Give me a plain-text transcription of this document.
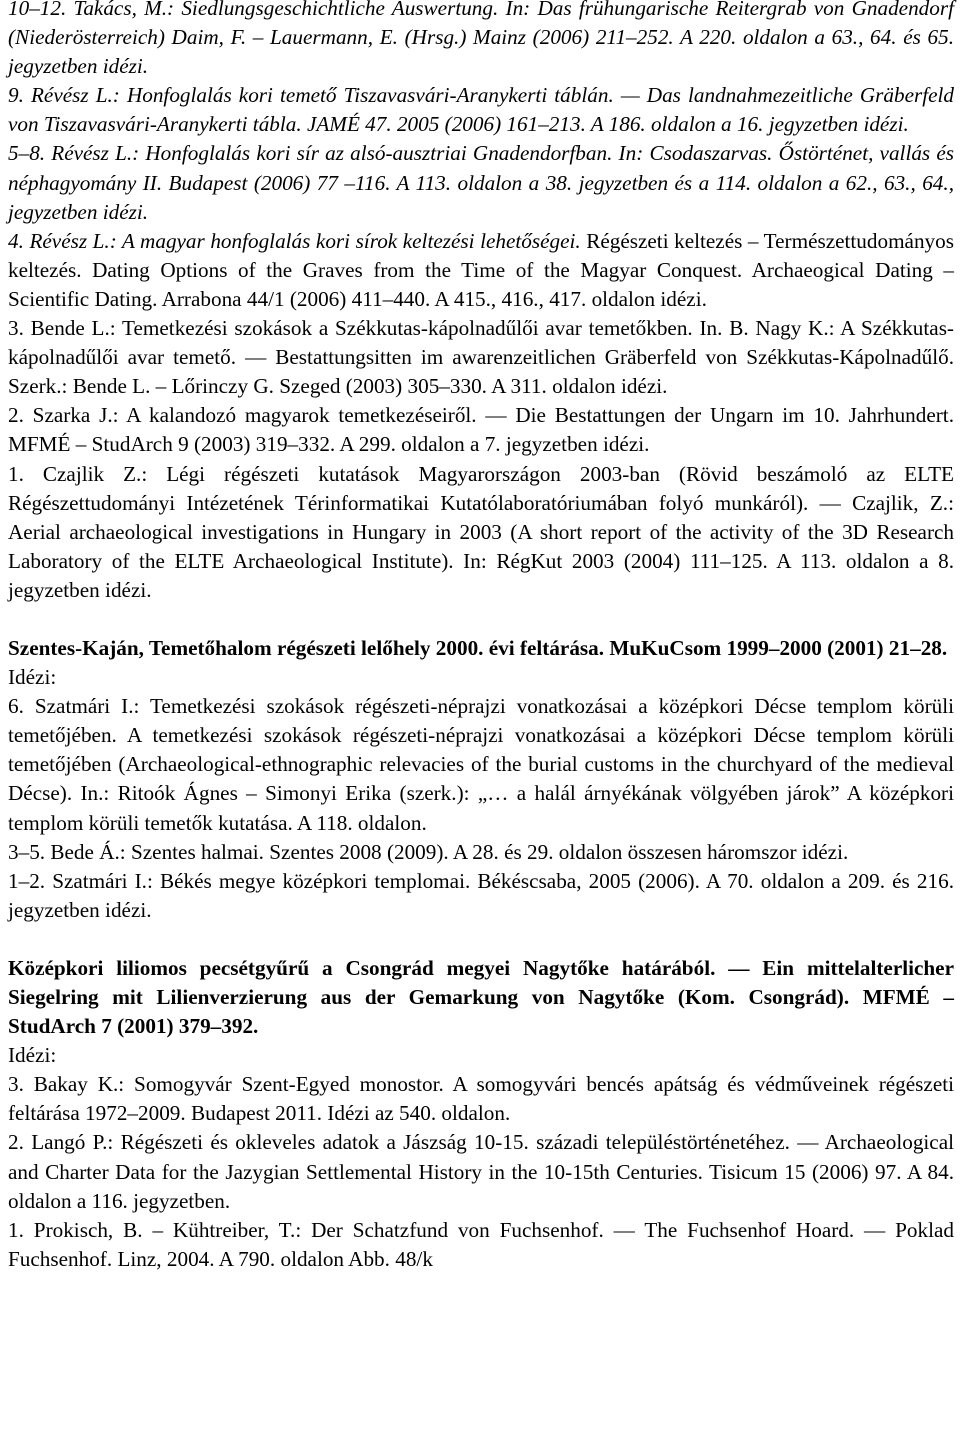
10–12. Takács, M.: Siedlungsgeschichtliche Auswertung. In: Das frühungarische Reitergrab von Gnadendorf (Niederösterreich) Daim, F. – Lauermann, E. (Hrsg.) Mainz (2006) 211–252. A 220. oldalon a 63., 64. és 65. jegyzetben idézi.

9. Révész L.: Honfoglalás kori temető Tiszavasvári-Aranykerti táblán. — Das landnahmezeitliche Gräberfeld von Tiszavasvári-Aranykerti tábla. JAMÉ 47. 2005 (2006) 161–213. A 186. oldalon a 16. jegyzetben idézi.

5–8. Révész L.: Honfoglalás kori sír az alsó-ausztriai Gnadendorfban. In: Csodaszarvas. Őstörténet, vallás és néphagyomány II. Budapest (2006) 77 –116. A 113. oldalon a 38. jegyzetben és a 114. oldalon a 62., 63., 64., jegyzetben idézi.

4. Révész L.: A magyar honfoglalás kori sírok keltezési lehetőségei. Régészeti keltezés – Természettudományos keltezés. Dating Options of the Graves from the Time of the Magyar Conquest. Archaeogical Dating – Scientific Dating. Arrabona 44/1 (2006) 411–440. A 415., 416., 417. oldalon idézi.

3. Bende L.: Temetkezési szokások a Székkutas-kápolnadűlői avar temetőkben. In. B. Nagy K.: A Székkutas-kápolnadűlői avar temető. — Bestattungsitten im awarenzeitlichen Gräberfeld von Székkutas-Kápolnadűlő. Szerk.: Bende L. – Lőrinczy G. Szeged (2003) 305–330. A 311. oldalon idézi.

2. Szarka J.: A kalandozó magyarok temetkezéseiről. — Die Bestattungen der Ungarn im 10. Jahrhundert. MFMÉ – StudArch 9 (2003) 319–332. A 299. oldalon a 7. jegyzetben idézi.

1. Czajlik Z.: Légi régészeti kutatások Magyarországon 2003-ban (Rövid beszámoló az ELTE Régészettudományi Intézetének Térinformatikai Kutatólaboratóriumában folyó munkáról). — Czajlik, Z.: Aerial archaeological investigations in Hungary in 2003 (A short report of the activity of the 3D Research Laboratory of the ELTE Archaeological Institute). In: RégKut 2003 (2004) 111–125. A 113. oldalon a 8. jegyzetben idézi.

Szentes-Kaján, Temetőhalom régészeti lelőhely 2000. évi feltárása. MuKuCsom 1999–2000 (2001) 21–28.

Idézi:

6. Szatmári I.: Temetkezési szokások régészeti-néprajzi vonatkozásai a középkori Décse templom körüli temetőjében. A temetkezési szokások régészeti-néprajzi vonatkozásai a középkori Décse templom körüli temetőjében (Archaeological-ethnographic relevacies of the burial customs in the churchyard of the medieval Décse). In.: Ritoók Ágnes – Simonyi Erika (szerk.): „… a halál árnyékának völgyében járok” A középkori templom körüli temetők kutatása. A 118. oldalon.

3–5. Bede Á.: Szentes halmai. Szentes 2008 (2009). A 28. és 29. oldalon összesen háromszor idézi.

1–2. Szatmári I.: Békés megye középkori templomai. Békéscsaba, 2005 (2006). A 70. oldalon a 209. és 216. jegyzetben idézi.

Középkori liliomos pecsétgyűrű a Csongrád megyei Nagytőke határából. — Ein mittelalterlicher Siegelring mit Lilienverzierung aus der Gemarkung von Nagytőke (Kom. Csongrád). MFMÉ – StudArch 7 (2001) 379–392.

Idézi:

3. Bakay K.: Somogyvár Szent-Egyed monostor. A somogyvári bencés apátság és védműveinek régészeti feltárása 1972–2009. Budapest 2011. Idézi az 540. oldalon.

2. Langó P.: Régészeti és okleveles adatok a Jászság 10-15. századi településtörténetéhez. — Archaeological and Charter Data for the Jazygian Settlemental History in the 10-15th Centuries. Tisicum 15 (2006) 97. A 84. oldalon a 116. jegyzetben.

1. Prokisch, B. – Kühtreiber, T.: Der Schatzfund von Fuchsenhof. — The Fuchsenhof Hoard. — Poklad Fuchsenhof. Linz, 2004. A 790. oldalon Abb. 48/k
